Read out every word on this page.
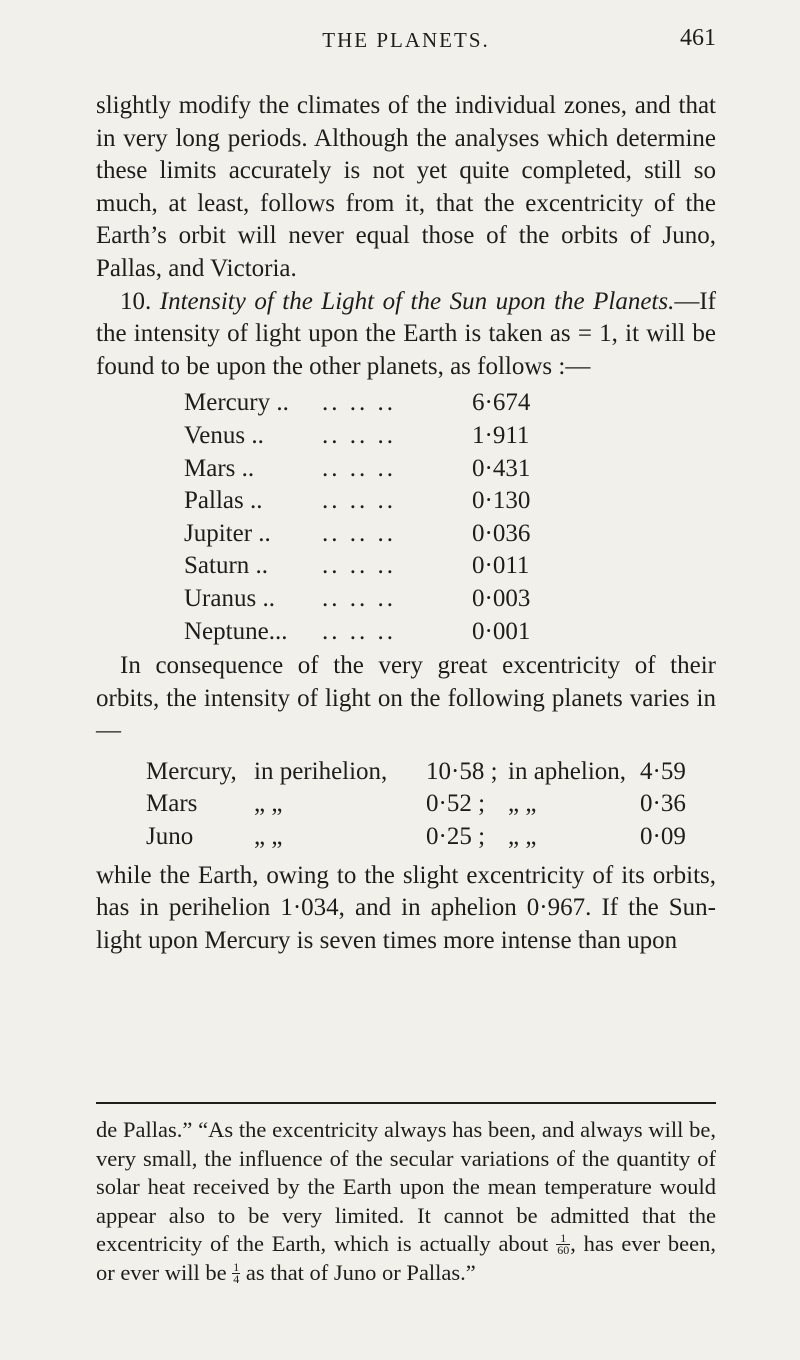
THE PLANETS.	461

slightly modify the climates of the individual zones, and that in very long periods. Although the analyses which determine these limits accurately is not yet quite completed, still so much, at least, follows from it, that the excentricity of the Earth’s orbit will never equal those of the orbits of Juno, Pallas, and Victoria.

10. Intensity of the Light of the Sun upon the Planets.—If the intensity of light upon the Earth is taken as = 1, it will be found to be upon the other planets, as follows :—

Mercury ..	.. .. ..	6·674
Venus ..	.. .. ..	1·911
Mars ..	.. .. ..	0·431
Pallas ..	.. .. ..	0·130
Jupiter ..	.. .. ..	0·036
Saturn ..	.. .. ..	0·011
Uranus ..	.. .. ..	0·003
Neptune...	.. .. ..	0·001

In consequence of the very great excentricity of their orbits, the intensity of light on the following planets varies in—

Mercury,	in perihelion,	10·58 ;	in aphelion,	4·59
Mars	„ „	0·52 ;	„ „	0·36
Juno	„ „	0·25 ;	„ „	0·09

while the Earth, owing to the slight excentricity of its orbits, has in perihelion 1·034, and in aphelion 0·967. If the Sun-light upon Mercury is seven times more intense than upon

de Pallas.” “As the excentricity always has been, and always will be, very small, the influence of the secular variations of the quantity of solar heat received by the Earth upon the mean temperature would appear also to be very limited. It cannot be admitted that the excentricity of the Earth, which is actually about $\frac{1}{60}$ , has ever been, or ever will be $\frac{1}{4}$ as that of Juno or Pallas.”
